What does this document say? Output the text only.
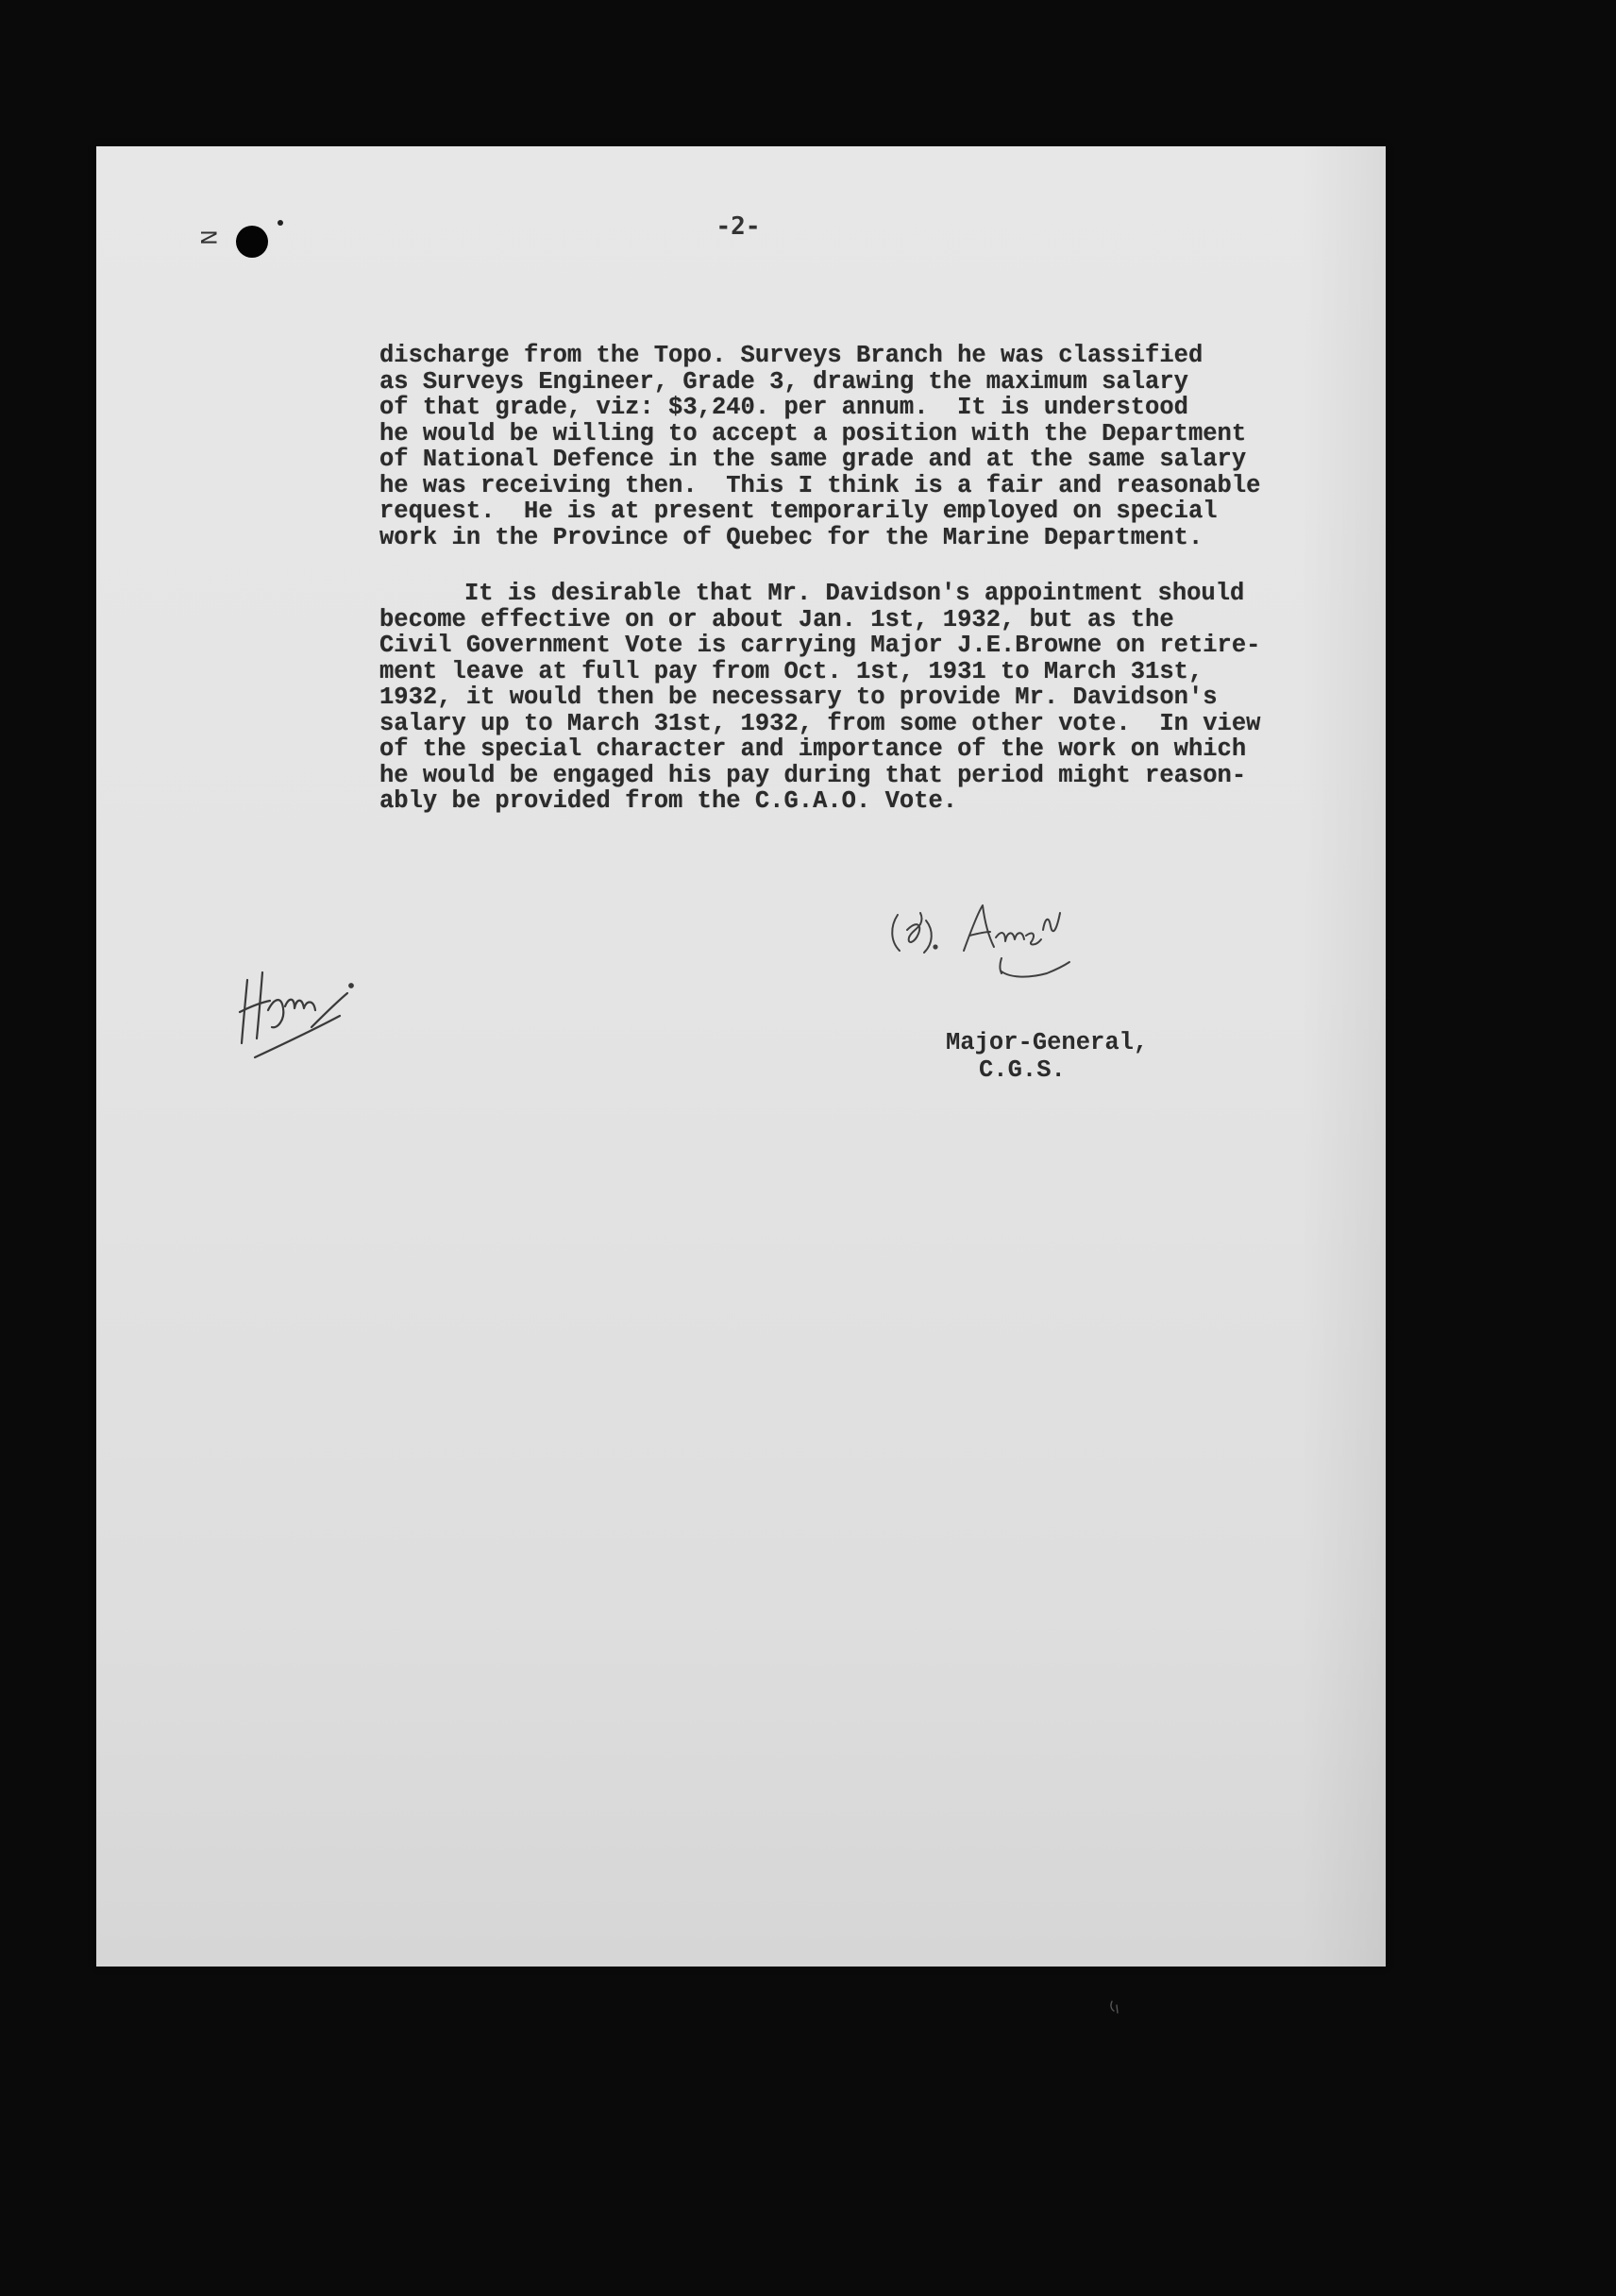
N	-2-

discharge from the Topo. Surveys Branch he was classified

as Surveys Engineer, Grade 3, drawing the maximum salary

of that grade, viz: $3,240. per annum.  It is understood

he would be willing to accept a position with the Department

of National Defence in the same grade and at the same salary

he was receiving then.  This I think is a fair and reasonable

request.  He is at present temporarily employed on special

work in the Province of Quebec for the Marine Department.

It is desirable that Mr. Davidson's appointment should

become effective on or about Jan. 1st, 1932, but as the

Civil Government Vote is carrying Major J.E.Browne on retire-

ment leave at full pay from Oct. 1st, 1931 to March 31st,

1932, it would then be necessary to provide Mr. Davidson's

salary up to March 31st, 1932, from some other vote.  In view

of the special character and importance of the work on which

he would be engaged his pay during that period might reason-

ably be provided from the C.G.A.O. Vote.

Major-General,
C.G.S.
